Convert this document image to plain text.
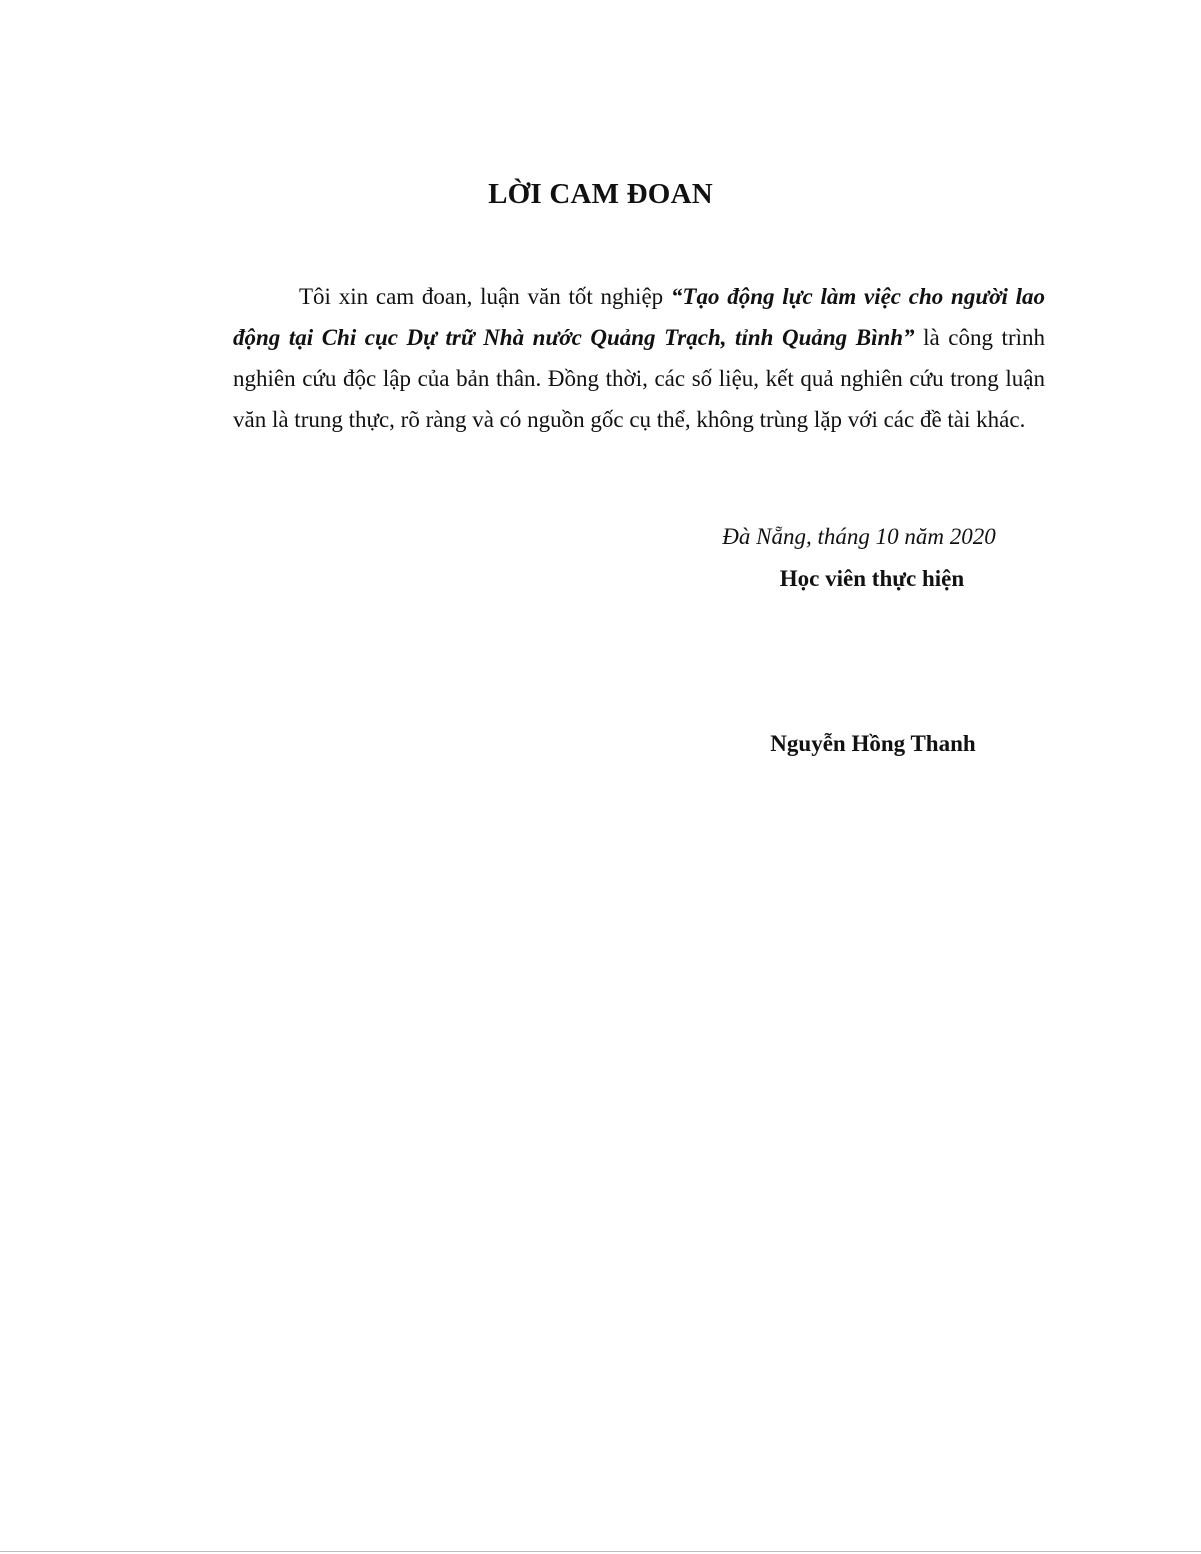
LỜI CAM ĐOAN

Tôi xin cam đoan, luận văn tốt nghiệp “Tạo động lực làm việc cho người lao động tại Chi cục Dự trữ Nhà nước Quảng Trạch, tỉnh Quảng Bình” là công trình nghiên cứu độc lập của bản thân. Đồng thời, các số liệu, kết quả nghiên cứu trong luận văn là trung thực, rõ ràng và có nguồn gốc cụ thể, không trùng lặp với các đề tài khác.

Đà Nẵng, tháng 10 năm 2020

Học viên thực hiện

Nguyễn Hồng Thanh
